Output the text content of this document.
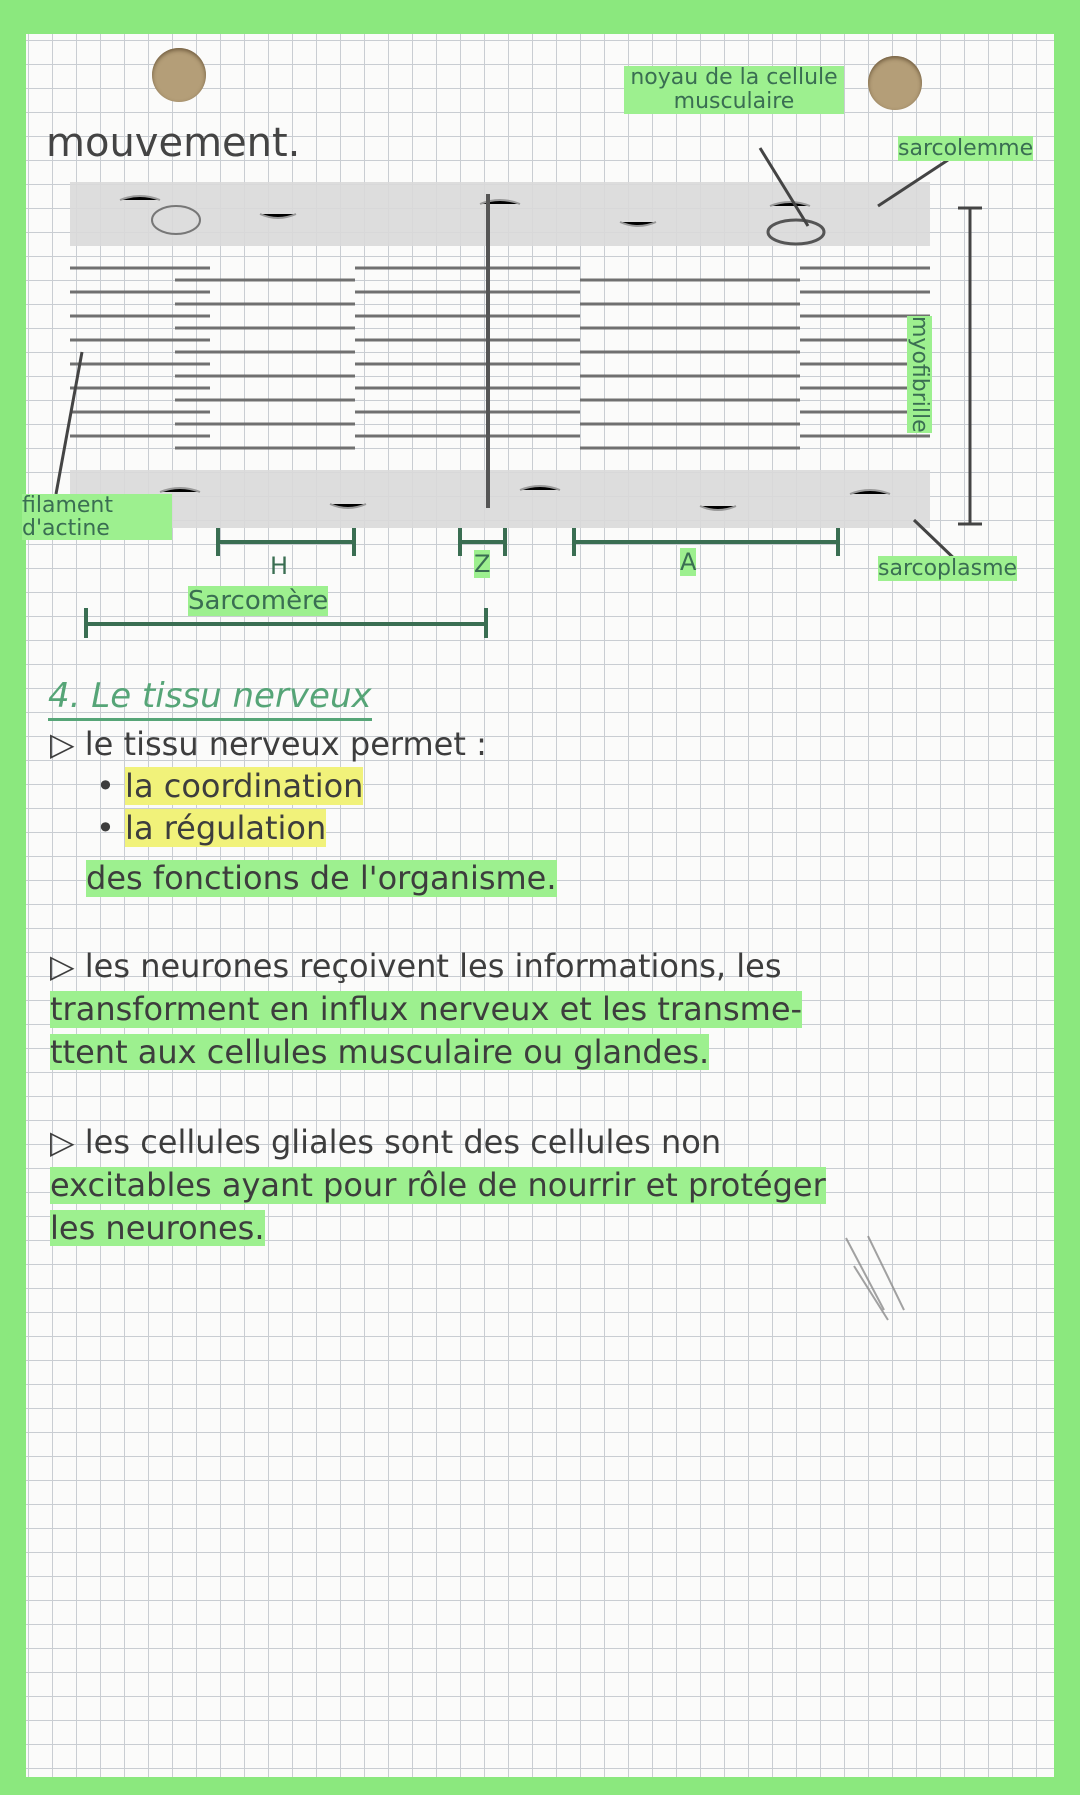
mouvement.
noyau de la cellule musculaire
sarcolemme
myofibrille
filament d'actine
sarcoplasme
H	Z	A
Sarcomère
4. Le tissu nerveux
▷ le tissu nerveux permet :
• la coordination
• la régulation
des fonctions de l'organisme.
▷ les neurones reçoivent les informations, les
transforment en influx nerveux et les transme-
ttent aux cellules musculaire ou glandes.
▷ les cellules gliales sont des cellules non
excitables ayant pour rôle de nourrir et protéger
les neurones.
